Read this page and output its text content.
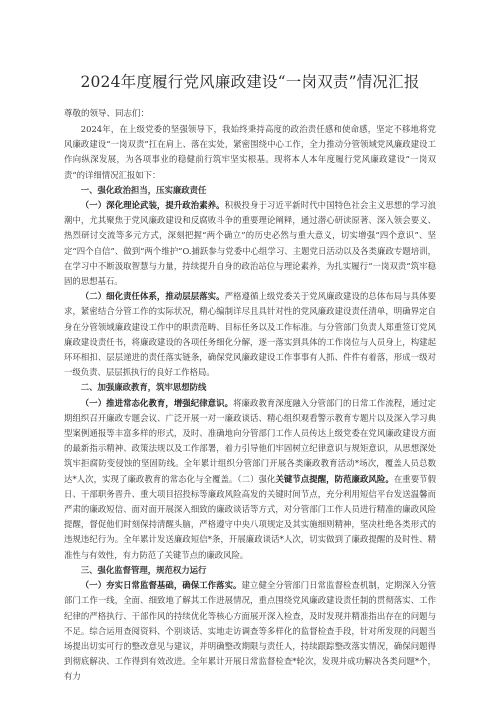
2024年度履行党风廉政建设“一岗双责”情况汇报
尊敬的领导、同志们：

2024年，在上级党委的坚强领导下，我始终秉持高度的政治责任感和使命感，坚定不移地将党风廉政建设“一岗双责”扛在肩上、落在实处，紧密围绕中心工作，全力推动分管领域党风廉政建设工作向纵深发展，为各项事业的稳健前行筑牢坚实根基。现将本人本年度履行党风廉政建设“一岗双责”的详细情况汇报如下：

一、强化政治担当，压实廉政责任

（一）深化理论武装，提升政治素养。积极投身于习近平新时代中国特色社会主义思想的学习浪潮中，尤其聚焦于党风廉政建设和反腐败斗争的重要理论阐释，通过潜心研读原著、深入领会要义、热烈研讨交流等多元方式，深刻把握“两个确立”的历史必然与重大意义，切实增强“四个意识”、坚定“四个自信”、做到“两个维护”O.捕跃参与党委中心组学习、主题党日活动以及各类廉政专题培训，在学习中不断汲取智慧与力量，持续提升自身的政治站位与理论素养，为扎实履行“一岗双责”筑牢稳固的思想基石。

（二）细化责任体系，推动层层落实。严格遵循上级党委关于党风廉政建设的总体布局与具体要求，紧密结合分管工作的实际状况，精心编制详尽且具针对性的党风廉政建设责任清单，明确界定自身在分管领域廉政建设工作中的职责范畴、目标任务以及工作标准。与分管部门负责人郑重签订党风廉政建设责任书，将廉政建设的各项任务细化分解，逐一落实到具体的工作岗位与人员身上，构建起环环相扣、层层递进的责任落实链条，确保党风廉政建设工作事事有人抓、件件有着落，形成一级对一级负责、层层抓执行的良好工作格局。

二、加强廉政教育，筑牢思想防线

（一）推进常态化教育，增强纪律意识。将廉政教育深度融入分管部门的日常工作流程，通过定期组织召开廉政专题会议、广泛开展一对一廉政谈话、精心组织观看警示教育专题片以及深入学习典型案例通报等丰富多样的形式，及时、准确地向分管部门工作人员传达上级党委在党风廉政建设方面的最新指示精神、政策法规以及工作部署，着力引导他们牢固树立纪律意识与规矩意识，从思想深处筑牢拒腐防变侵蚀的坚固防线。全年累计组织分管部门开展各类廉政教育活动*场次，覆盖人员总数达*人次，实现了廉政教育的常态化与全覆盖。（二）强化关键节点提醒，防范廉政风险。在重要节假日、干部职务晋升、重大项目招投标等廉政风险高发的关键时间节点，充分利用短信平台发送温馨而严肃的廉政短信、面对面开展深入细致的廉政谈话等方式，对分管部门工作人员进行精准的廉政风险提醒，督促他们时刻保持清醒头脑，严格遵守中央八项规定及其实施细则精神，坚决杜绝各类形式的违规违纪行为。全年累计发送廉政短信*条，开展廉政谈话*人次，切实做到了廉政提醒的及时性、精准性与有效性，有力防范了关键节点的廉政风险。

三、强化监督管理，规范权力运行

（一）夯实日常监督基础，确保工作落实。建立健全分管部门日常监督检查机制，定期深入分管部门工作一线，全面、细致地了解其工作进展情况，重点围绕党风廉政建设责任制的贯彻落实、工作纪律的严格执行、干部作风的持续优化等核心方面展开深入检查，及时发现并精准指出存在的问题与不足。综合运用查阅资料、个别谈话、实地走访调查等多样化的监督检查手段，针对所发现的问题当场提出切实可行的整改意见与建议，并明确整改期限与责任人，持续跟踪整改落实情况，确保问题得到彻底解决、工作得到有效改进。全年累计开展日常监督检查*轮次，发现并成功解决各类问题*个，有力
